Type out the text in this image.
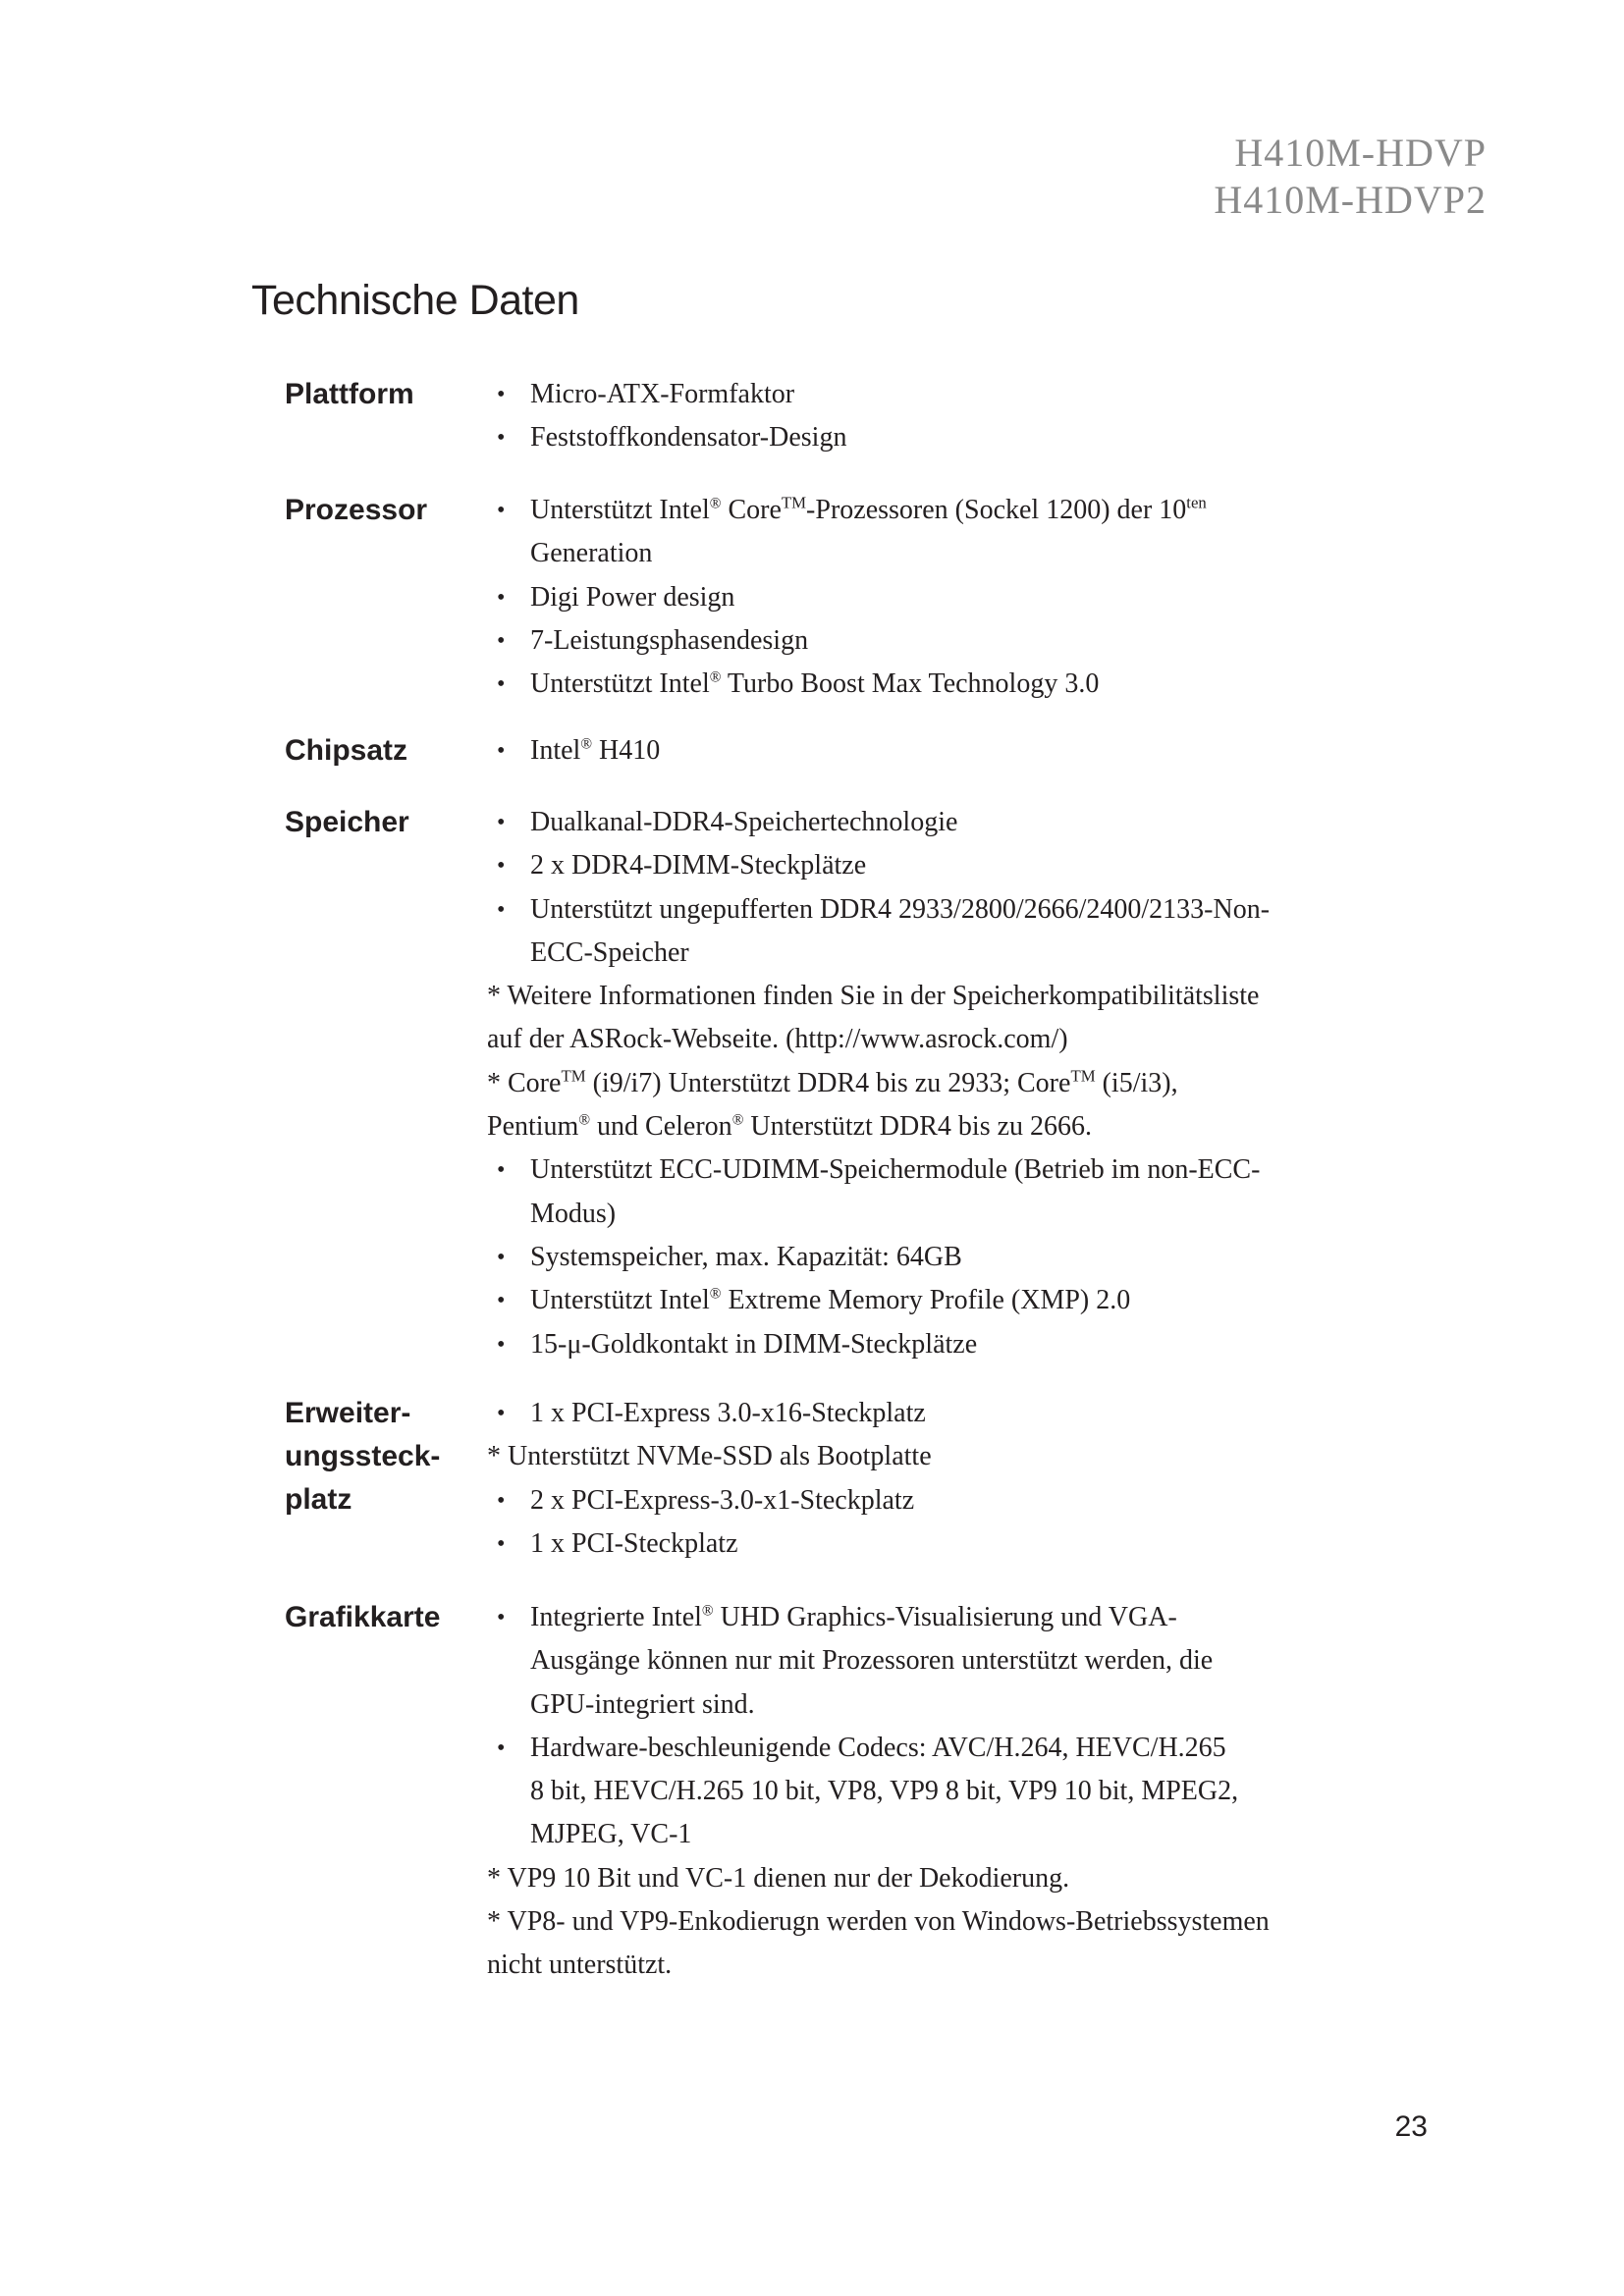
H410M-HDVP
H410M-HDVP2
Technische Daten
Plattform	• Micro-ATX-Formfaktor
• Feststoffkondensator-Design
Prozessor	• Unterstützt Intel® Core™-Prozessoren (Sockel 1200) der $10^{ten}$
Generation
• Digi Power design
• 7-Leistungsphasendesign
• Unterstützt Intel® Turbo Boost Max Technology 3.0
Chipsatz	• Intel® H410
Speicher	• Dualkanal-DDR4-Speichertechnologie
• 2 x DDR4-DIMM-Steckplätze
• Unterstützt ungepufferten DDR4 2933/2800/2666/2400/2133-Non-
ECC-Speicher
* Weitere Informationen finden Sie in der Speicherkompatibilitätsliste
auf der ASRock-Webseite. (http://www.asrock.com/)
* Core™ (i9/i7) Unterstützt DDR4 bis zu 2933; Core™ (i5/i3),
Pentium® und Celeron® Unterstützt DDR4 bis zu 2666.
• Unterstützt ECC-UDIMM-Speichermodule (Betrieb im non-ECC-
Modus)
• Systemspeicher, max. Kapazität: 64GB
• Unterstützt Intel® Extreme Memory Profile (XMP) 2.0
• 15-μ-Goldkontakt in DIMM-Steckplätze
Erweiter-
ungssteck-
platz
• 1 x PCI-Express 3.0-x16-Steckplatz
* Unterstützt NVMe-SSD als Bootplatte
• 2 x PCI-Express-3.0-x1-Steckplatz
• 1 x PCI-Steckplatz
Grafikkarte	• Integrierte Intel® UHD Graphics-Visualisierung und VGA-
Ausgänge können nur mit Prozessoren unterstützt werden, die
GPU-integriert sind.
• Hardware-beschleunigende Codecs: AVC/H.264, HEVC/H.265
8 bit, HEVC/H.265 10 bit, VP8, VP9 8 bit, VP9 10 bit, MPEG2,
MJPEG, VC-1
* VP9 10 Bit und VC-1 dienen nur der Dekodierung.
* VP8- und VP9-Enkodierugn werden von Windows-Betriebssystemen
nicht unterstützt.
23
